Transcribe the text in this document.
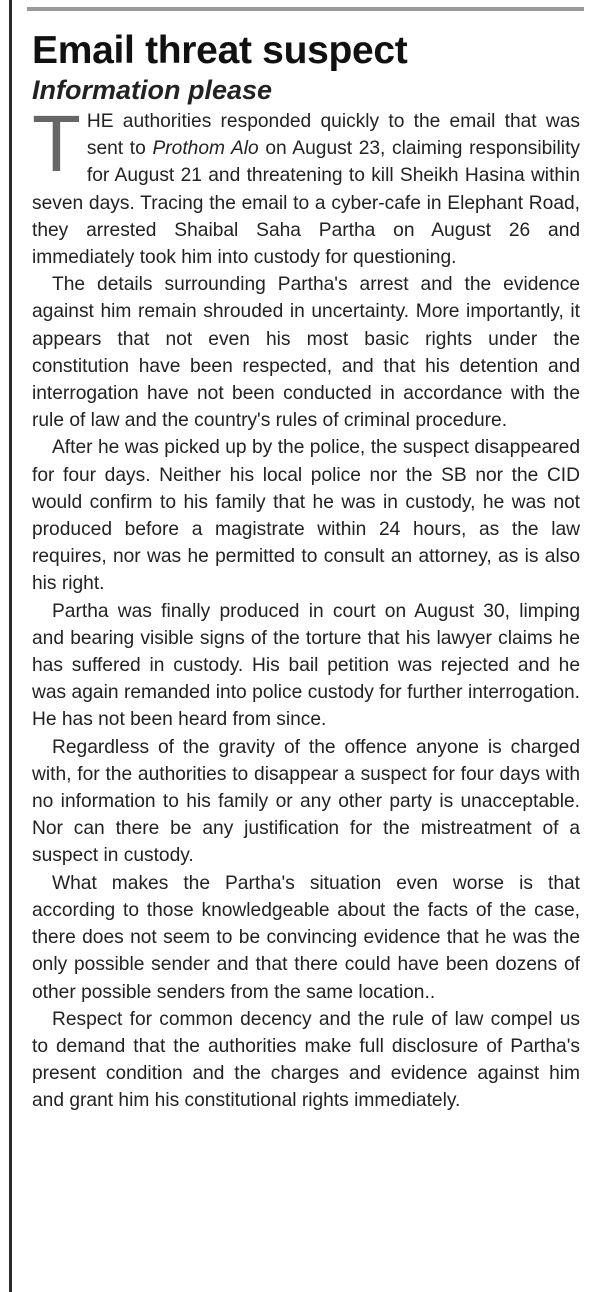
Email threat suspect
Information please

THE authorities responded quickly to the email that was sent to Prothom Alo on August 23, claiming responsibility for August 21 and threatening to kill Sheikh Hasina within seven days. Tracing the email to a cyber-cafe in Elephant Road, they arrested Shaibal Saha Partha on August 26 and immediately took him into custody for questioning.

The details surrounding Partha's arrest and the evidence against him remain shrouded in uncertainty. More importantly, it appears that not even his most basic rights under the constitution have been respected, and that his detention and interrogation have not been conducted in accordance with the rule of law and the country's rules of criminal procedure.

After he was picked up by the police, the suspect disappeared for four days. Neither his local police nor the SB nor the CID would confirm to his family that he was in custody, he was not produced before a magistrate within 24 hours, as the law requires, nor was he permitted to consult an attorney, as is also his right.

Partha was finally produced in court on August 30, limping and bearing visible signs of the torture that his lawyer claims he has suffered in custody. His bail petition was rejected and he was again remanded into police custody for further interrogation. He has not been heard from since.

Regardless of the gravity of the offence anyone is charged with, for the authorities to disappear a suspect for four days with no information to his family or any other party is unacceptable. Nor can there be any justification for the mistreatment of a suspect in custody.

What makes the Partha's situation even worse is that according to those knowledgeable about the facts of the case, there does not seem to be convincing evidence that he was the only possible sender and that there could have been dozens of other possible senders from the same location..

Respect for common decency and the rule of law compel us to demand that the authorities make full disclosure of Partha's present condition and the charges and evidence against him and grant him his constitutional rights immediately.
